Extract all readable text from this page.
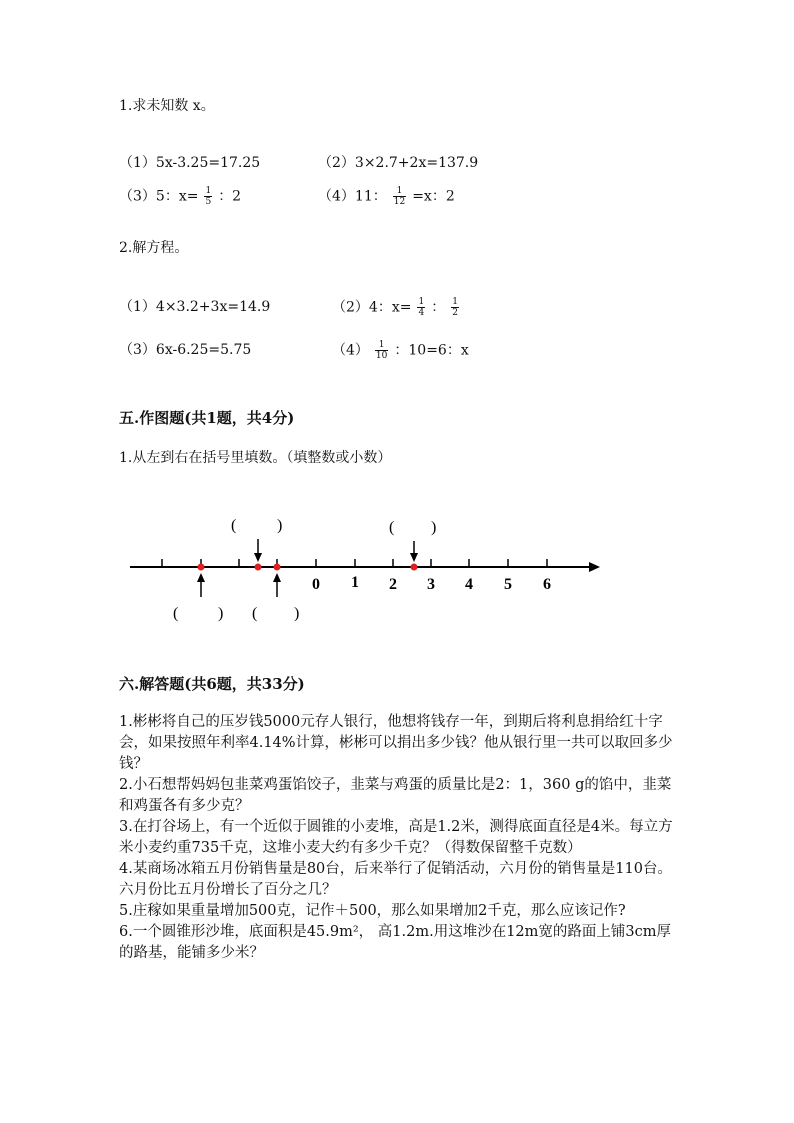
1.求未知数 x。
（1）5x-3.25=17.25	（2）3×2.7+2x=137.9
（3）5：$x= \frac{1}{5}$ ：2	（4）11： $\frac{1}{12} =x$：2
2.解方程。
（1）4×3.2+3x=14.9	（2）4：$x= \frac{1}{4}$ ： $\frac{1}{2}$
（3）6x-6.25=5.75	$(4) \frac{1}{10}$ ：10=6：x
五.作图题(共1题，共4分)
1.从左到右在括号里填数。（填整数或小数）
0 1 2 3 4 5 6
(	)	( )
( ) ( )
六.解答题(共6题，共33分)

1.彬彬将自己的压岁钱5000元存人银行，他想将钱存一年，到期后将利息捐给红十字会，如果按照年利率4.14%计算，彬彬可以捐出多少钱？他从银行里一共可以取回多少钱？

2.小石想帮妈妈包韭菜鸡蛋馅饺子，韭菜与鸡蛋的质量比是2：1，360 g的馅中，韭菜和鸡蛋各有多少克？

3.在打谷场上，有一个近似于圆锥的小麦堆，高是1.2米，测得底面直径是4米。每立方米小麦约重735千克，这堆小麦大约有多少千克？（得数保留整千克数）

4.某商场冰箱五月份销售量是80台，后来举行了促销活动，六月份的销售量是110台。六月份比五月份增长了百分之几？

5.庄稼如果重量增加500克，记作＋500，那么如果增加2千克，那么应该记作?

6.一个圆锥形沙堆，底面积是45.9m²， 高1.2m.用这堆沙在12m宽的路面上铺3cm厚的路基，能铺多少米？
